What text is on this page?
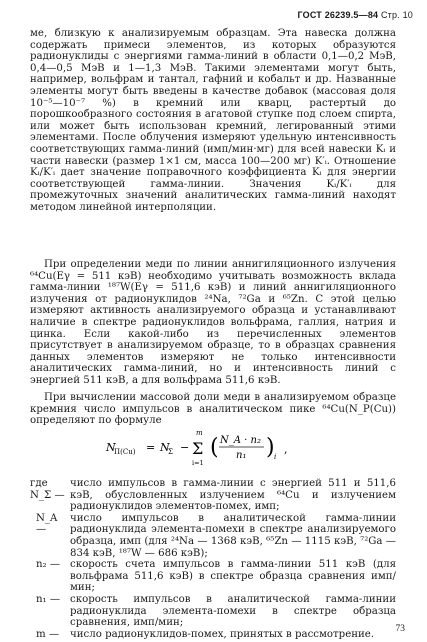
ГОСТ 26239.5—84 Стр. 10

ме, близкую к анализируемым образцам. Эта навеска должна содержать примеси элементов, из которых образуются радионуклиды с энергиями гамма-линий в области 0,1—0,2 МэВ, 0,4—0,5 МэВ и 1—1,3 МэВ. Такими элементами могут быть, например, вольфрам и тантал, гафний и кобальт и др. Названные элементы могут быть введены в качестве добавок (массовая доля 10⁻⁵—10⁻⁷ %) в кремний или кварц, растертый до порошкообразного состояния в агатовой ступке под слоем спирта, или может быть использован кремний, легированный этими элементами. После облучения измеряют удельную интенсивность соответствующих гамма-линий (имп/мин·мг) для всей навески Kᵢ и части навески (размер 1×1 см, масса 100—200 мг) K′ᵢ. Отношение Kᵢ/K′ᵢ дает значение поправочного коэффициента Kᵢ для энергии соответствующей гамма-линии. Значения Kᵢ/K′ᵢ для промежуточных значений аналитических гамма-линий находят методом линейной интерполяции.

При определении меди по линии аннигиляционного излучения ⁶⁴Cu(Eγ = 511 кэВ) необходимо учитывать возможность вклада гамма-линии ¹⁸⁷W(Eγ = 511,6 кэВ) и линий аннигиляционного излучения от радионуклидов ²⁴Na, ⁷²Ga и ⁶⁵Zn. С этой целью измеряют активность анализируемого образца и устанавливают наличие в спектре радионуклидов вольфрама, галлия, натрия и цинка. Если какой-либо из перечисленных элементов присутствует в анализируемом образце, то в образцах сравнения данных элементов измеряют не только интенсивности аналитических гамма-линий, но и интенсивность линий с энергией 511 кэВ, а для вольфрама 511,6 кэВ.

При вычислении массовой доли меди в анализируемом образце кремния число импульсов в аналитическом пике ⁶⁴Cu(N_P(Cu)) определяют по формуле

N
П(Cu) = N
Σ −
m
Σ
i=1
( N_A · n₂
n₁ ) i
,

где N_Σ —
число импульсов в гамма-линии с энергией 511 и 511,6 кэВ, обусловленных излучением ⁶⁴Cu и излучением радионуклидов элементов-помех, имп;

N_A —
число импульсов в аналитической гамма-линии радионуклида элемента-помехи в спектре анализируемого образца, имп (для ²⁴Na — 1368 кэВ, ⁶⁵Zn — 1115 кэВ, ⁷²Ga — 834 кэВ, ¹⁸⁷W — 686 кэВ);

n₂ — скорость счета импульсов в гамма-линии 511 кэВ (для вольфрама 511,6 кэВ) в спектре образца сравнения имп/мин;

n₁ — скорость импульсов в аналитической гамма-линии радионуклида элемента-помехи в спектре образца сравнения, имп/мин;

m —	число радионуклидов-помех, принятых в рассмотрение.	73
